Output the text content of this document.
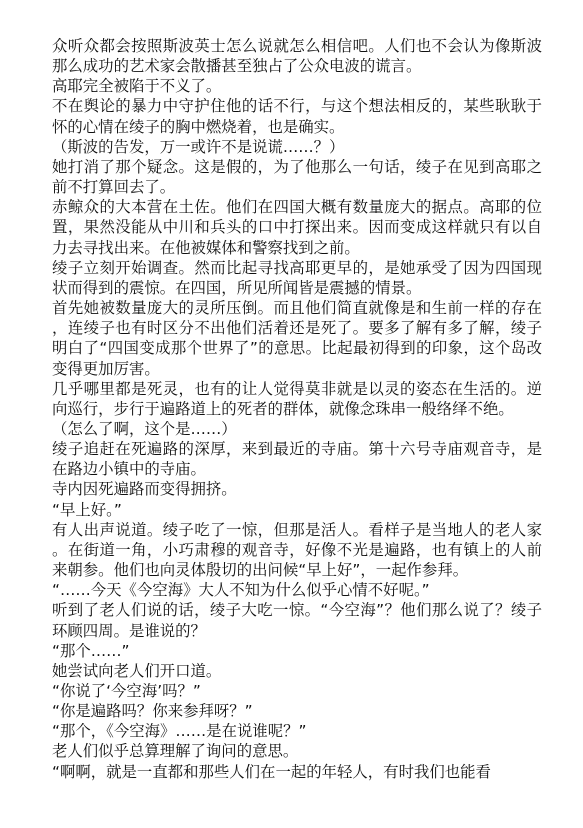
众听众都会按照斯波英士怎么说就怎么相信吧。人们也不会认为像斯波那么成功的艺术家会散播甚至独占了公众电波的谎言。

高耶完全被陷于不义了。

不在舆论的暴力中守护住他的话不行，与这个想法相反的，某些耿耿于怀的心情在绫子的胸中燃烧着，也是确实。

（斯波的告发，万一或许不是说谎……？）

她打消了那个疑念。这是假的，为了他那么一句话，绫子在见到高耶之前不打算回去了。

赤鲸众的大本营在土佐。他们在四国大概有数量庞大的据点。高耶的位置，果然没能从中川和兵头的口中打探出来。因而变成这样就只有以自力去寻找出来。在他被媒体和警察找到之前。

绫子立刻开始调查。然而比起寻找高耶更早的，是她承受了因为四国现状而得到的震惊。在四国，所见所闻皆是震撼的情景。

首先她被数量庞大的灵所压倒。而且他们简直就像是和生前一样的存在，连绫子也有时区分不出他们活着还是死了。要多了解有多了解，绫子明白了“四国变成那个世界了”的意思。比起最初得到的印象，这个岛改变得更加厉害。

几乎哪里都是死灵，也有的让人觉得莫非就是以灵的姿态在生活的。逆向巡行，步行于遍路道上的死者的群体，就像念珠串一般络绎不绝。

（怎么了啊，这个是……）

绫子追赶在死遍路的深厚，来到最近的寺庙。第十六号寺庙观音寺，是在路边小镇中的寺庙。

寺内因死遍路而变得拥挤。

“早上好。”

有人出声说道。绫子吃了一惊，但那是活人。看样子是当地人的老人家。在街道一角，小巧肃穆的观音寺，好像不光是遍路，也有镇上的人前来朝参。他们也向灵体殷切的出问候“早上好”，一起作参拜。

“……今天《今空海》大人不知为什么似乎心情不好呢。”

听到了老人们说的话，绫子大吃一惊。“今空海”？他们那么说了？绫子环顾四周。是谁说的？

“那个……”

她尝试向老人们开口道。

“你说了‘今空海’吗？”

“你是遍路吗？你来参拜呀？”

“那个，《今空海》……是在说谁呢？”

老人们似乎总算理解了询问的意思。

“啊啊，就是一直都和那些人们在一起的年轻人，有时我们也能看
